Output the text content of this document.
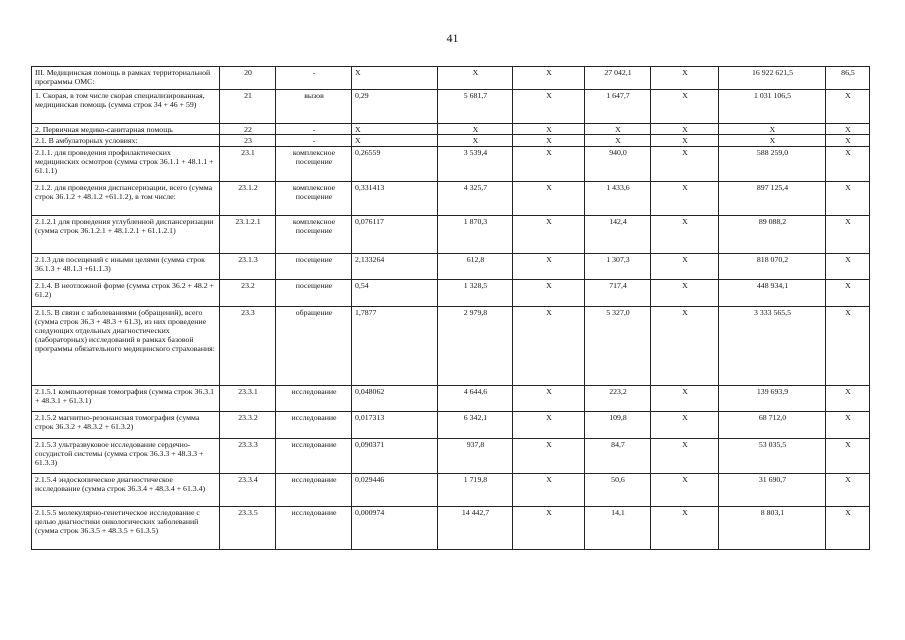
41
III. Медицинская помощь в рамках территориальной программы ОМС:	20	-	X	X	X	27 042,1	X	16 922 621,5	86,5
1. Скорая, в том числе скорая специализированная, медицинская помощь (сумма строк 34 + 46 + 59)	21	вызов	0,29	5 681,7	X	1 647,7	X	1 031 106,5	X
2. Первичная медико-санитарная помощь	22	-	X	X	X	X	X	X	X
2.1. В амбулаторных условиях:	23	-	X	X	X	X	X	X	X
2.1.1. для проведения профилактических медицинских осмотров (сумма строк 36.1.1 + 48.1.1 + 61.1.1)	23.1	комплексное посещение	0,26559	3 539,4	X	940,0	X	588 259,0	X
2.1.2. для проведения диспансеризации, всего (сумма строк 36.1.2 + 48.1.2 +61.1.2), в том числе:	23.1.2	комплексное посещение	0,331413	4 325,7	X	1 433,6	X	897 125,4	X
2.1.2.1 для проведения углубленной диспансеризации (сумма строк 36.1.2.1 + 48.1.2.1 + 61.1.2.1)	23.1.2.1	комплексное посещение	0,076117	1 870,3	X	142,4	X	89 088,2	X
2.1.3 для посещений с иными целями (сумма строк 36.1.3 + 48.1.3 +61.1.3)	23.1.3	посещение	2,133264	612,8	X	1 307,3	X	818 070,2	X
2.1.4. В неотложной форме (сумма строк 36.2 + 48.2 + 61.2)	23.2	посещение	0,54	1 328,5	X	717,4	X	448 934,1	X
2.1.5. В связи с заболеваниями (обращений), всего (сумма строк 36.3 + 48.3 + 61.3), из них проведение следующих отдельных диагностических (лабораторных) исследований в рамках базовой программы обязательного медицинского страхования:	23.3	обращение	1,7877	2 979,8	X	5 327,0	X	3 333 565,5	X
2.1.5.1 компьютерная томография (сумма строк 36.3.1 + 48.3.1 + 61.3.1)	23.3.1	исследование	0,048062	4 644,6	X	223,2	X	139 693,9	X
2.1.5.2 магнитно-резонансная томография (сумма строк 36.3.2 + 48.3.2 + 61.3.2)	23.3.2	исследование	0,017313	6 342,1	X	109,8	X	68 712,0	X
2.1.5.3 ультразвуковое исследование сердечно-сосудистой системы (сумма строк 36.3.3 + 48.3.3 + 61.3.3)	23.3.3	исследование	0,090371	937,8	X	84,7	X	53 035,5	X
2.1.5.4 эндоскопическое диагностическое исследование (сумма строк 36.3.4 + 48.3.4 + 61.3.4)	23.3.4	исследование	0,029446	1 719,8	X	50,6	X	31 690,7	X
2.1.5.5 молекулярно-генетическое исследование с целью диагностики онкологических заболеваний (сумма строк 36.3.5 + 48.3.5 + 61.3.5)	23.3.5	исследование	0,000974	14 442,7	X	14,1	X	8 803,1	X
